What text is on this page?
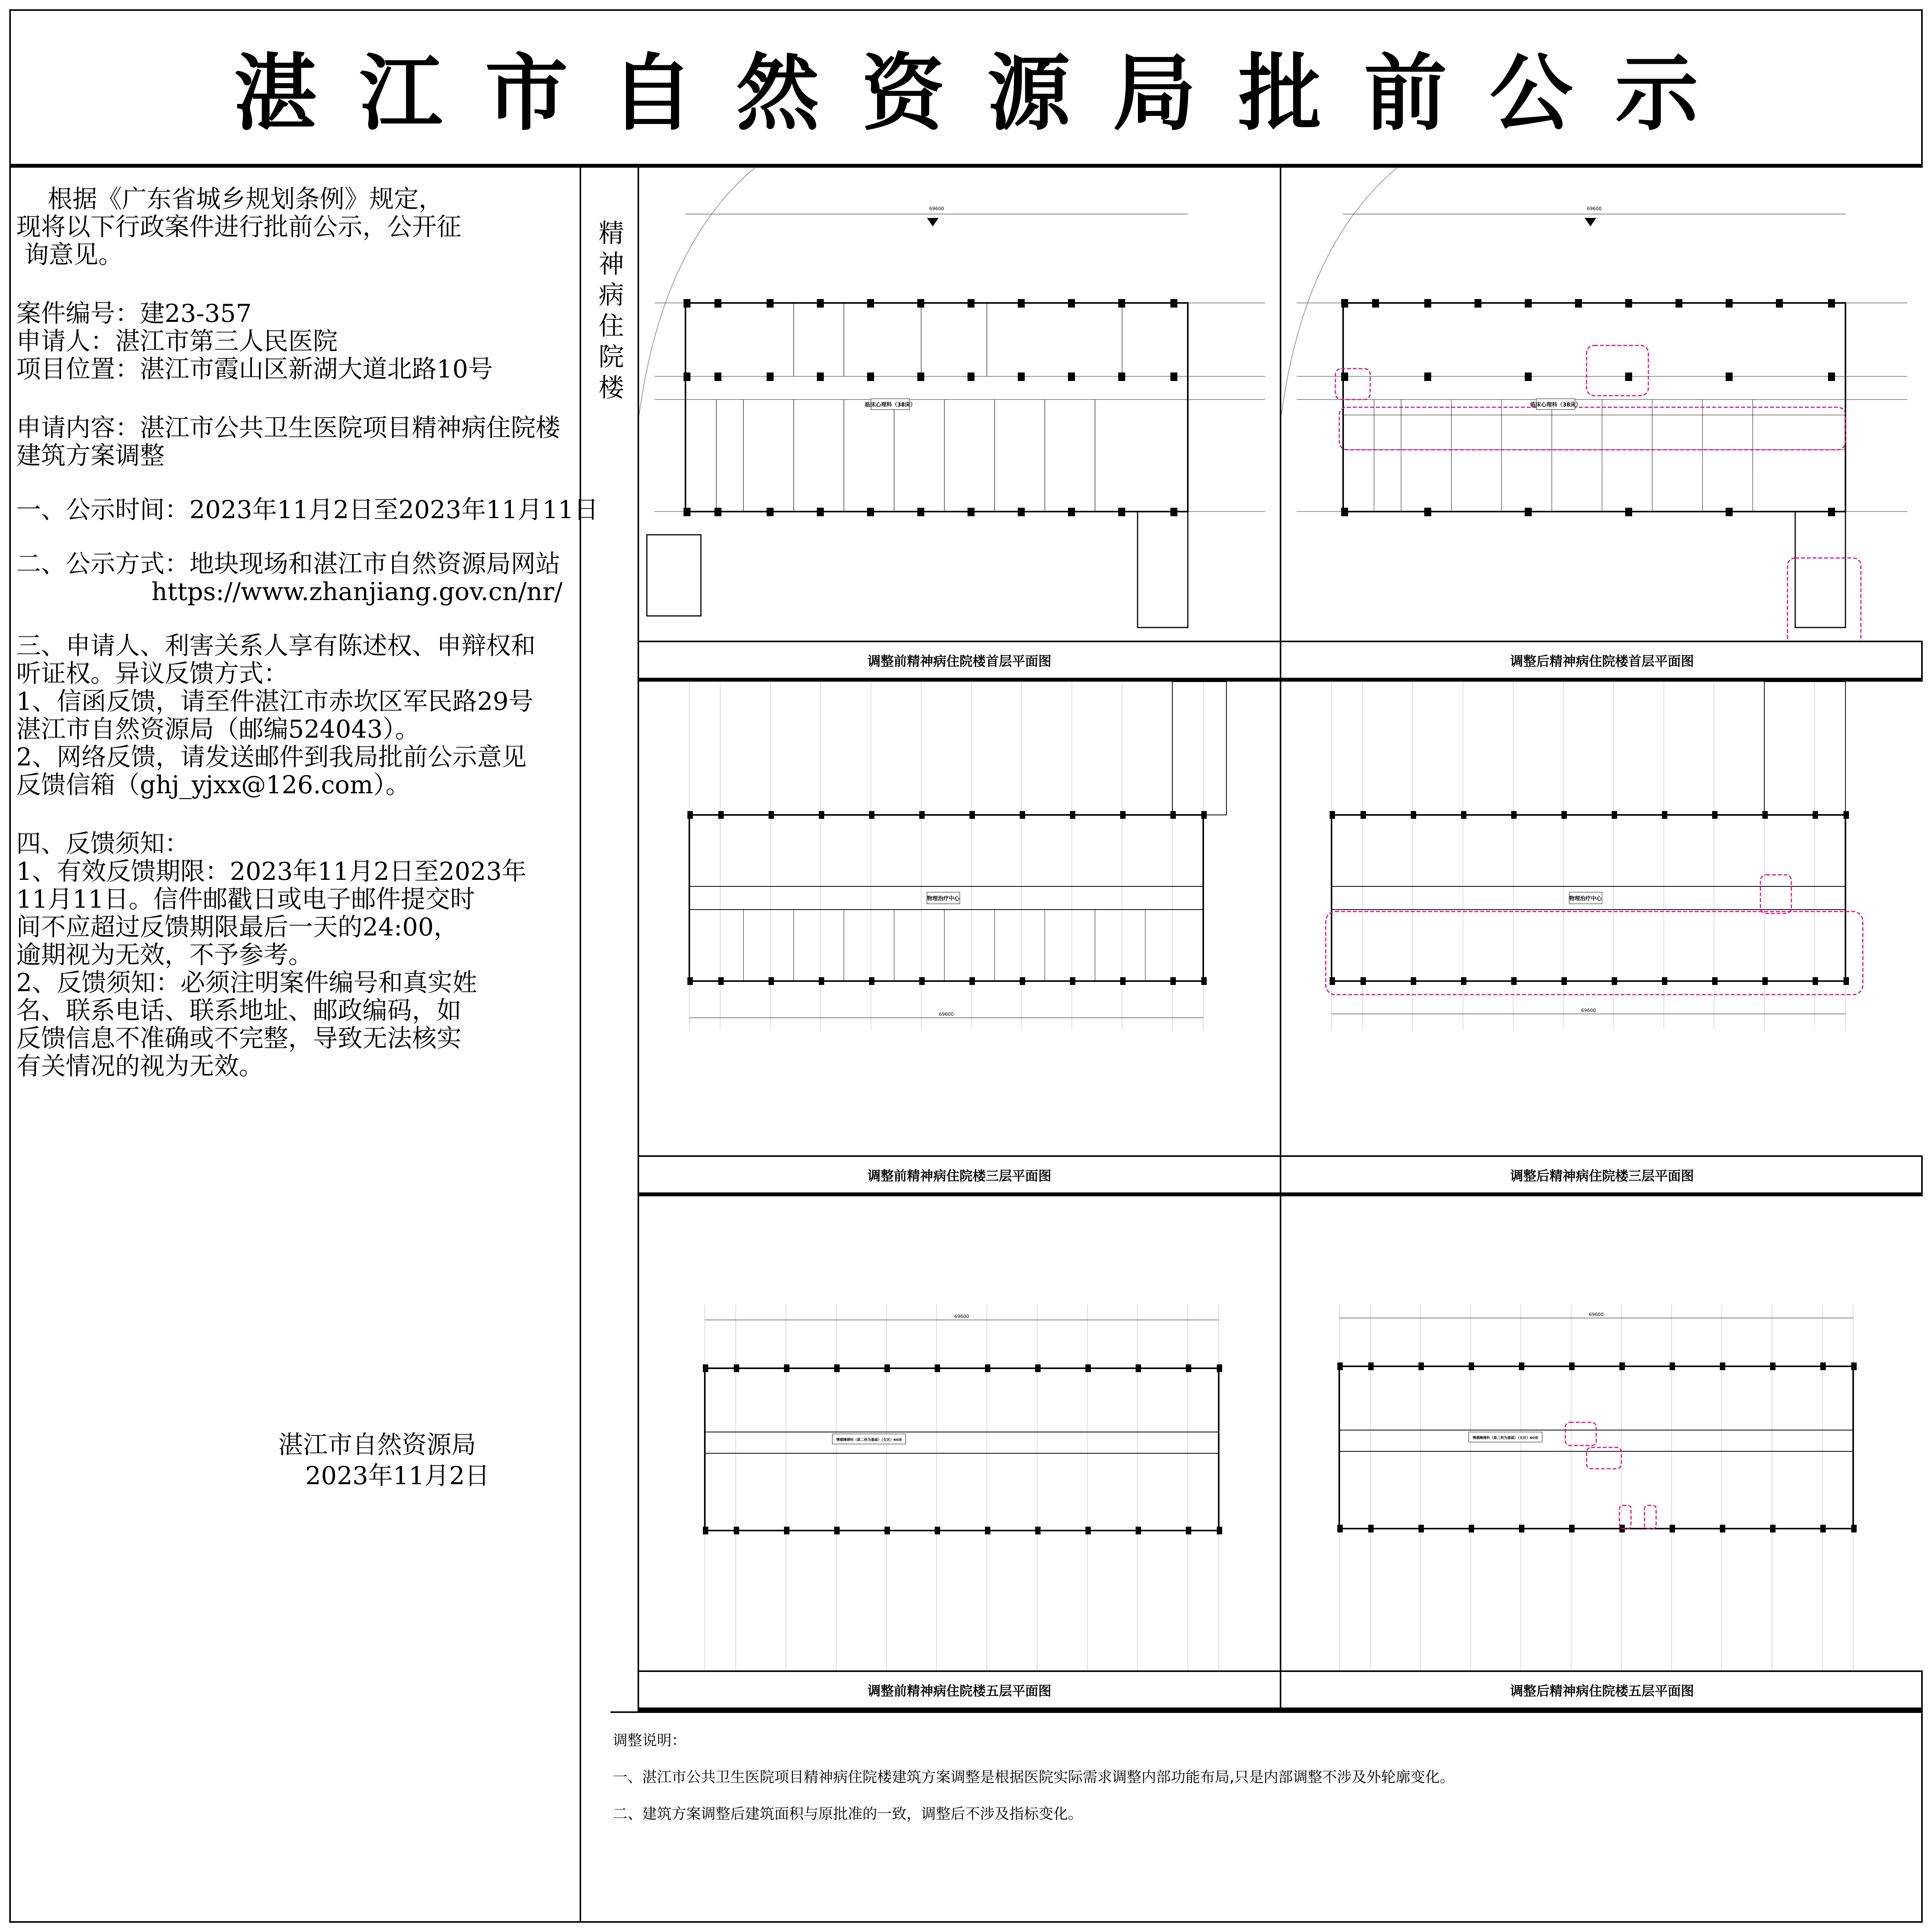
湛江市自然资源局批前公示

根据《广东省城乡规划条例》规定，

现将以下行政案件进行批前公示，公开征

询意见。

案件编号：建23-357

申请人：湛江市第三人民医院

项目位置：湛江市霞山区新湖大道北路10号

申请内容：湛江市公共卫生医院项目精神病住院楼

建筑方案调整

一、公示时间：2023年11月2日至2023年11月11日

二、公示方式：地块现场和湛江市自然资源局网站

https://www.zhanjiang.gov.cn/nr/

三、申请人、利害关系人享有陈述权、申辩权和

听证权。异议反馈方式：

1、信函反馈，请至件湛江市赤坎区军民路29号

湛江市自然资源局（邮编524043）。

2、网络反馈，请发送邮件到我局批前公示意见

反馈信箱（ghj_yjxx@126.com）。

四、反馈须知：

1、有效反馈期限：2023年11月2日至2023年

11月11日。信件邮戳日或电子邮件提交时

间不应超过反馈期限最后一天的24:00，

逾期视为无效，不予参考。

2、反馈须知：必须注明案件编号和真实姓

名、联系电话、联系地址、邮政编码，如

反馈信息不准确或不完整，导致无法核实

有关情况的视为无效。

湛江市自然资源局

2023年11月2日

精
神
病
住
院
楼
临床心理科（38床）
69600
调整前精神病住院楼首层平面图
临床心理科（38床）
69600
调整后精神病住院楼首层平面图
物理治疗中心
69600
调整前精神病住院楼三层平面图
物理治疗中心
69600
调整后精神病住院楼三层平面图
情感障碍科（原二科为基础）（女区）60床
69600
调整前精神病住院楼五层平面图
情感障碍科（原二科为基础）（女区）60床
69600
调整后精神病住院楼五层平面图

调整说明：

一、湛江市公共卫生医院项目精神病住院楼建筑方案调整是根据医院实际需求调整内部功能布局,只是内部调整不涉及外轮廓变化。

二、建筑方案调整后建筑面积与原批准的一致，调整后不涉及指标变化。
